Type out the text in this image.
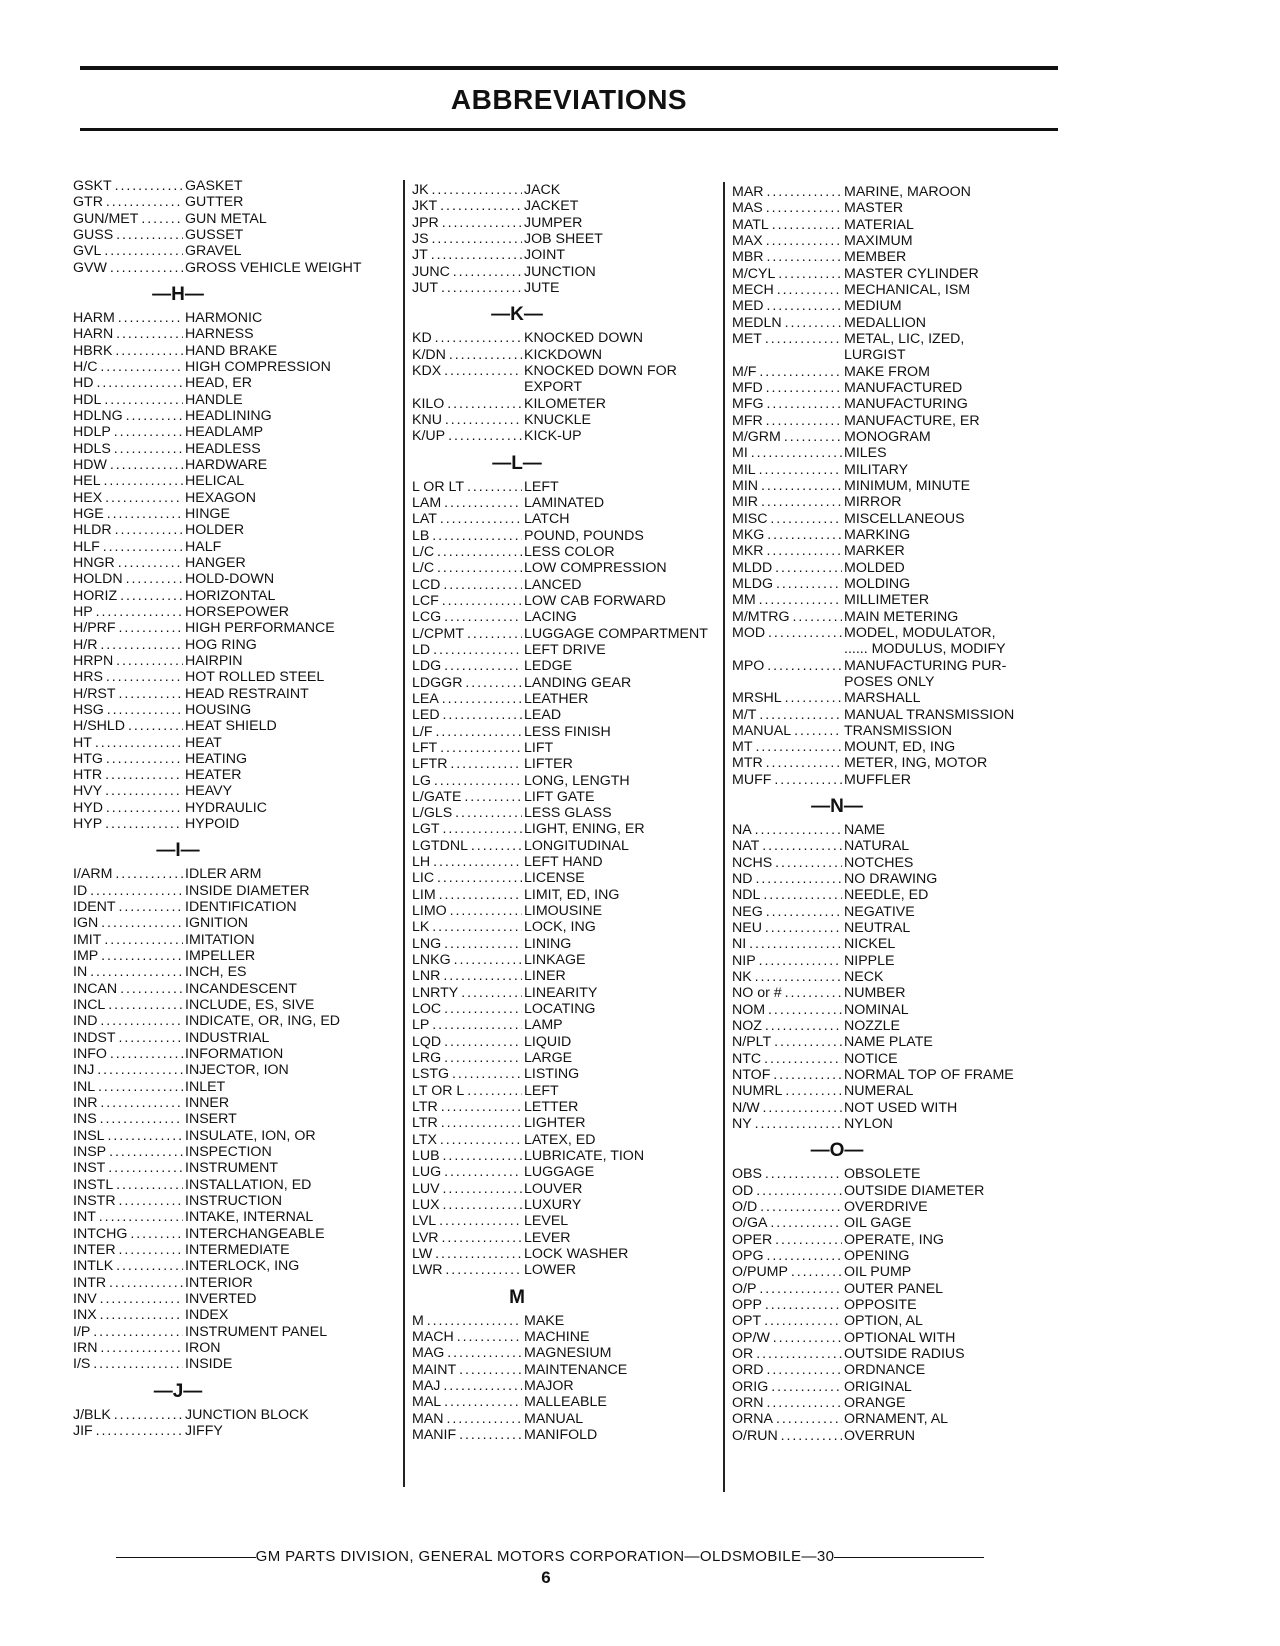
ABBREVIATIONS
GSKT . . .	GASKET
GTR . . .	GUTTER
GUN/MET . . .	GUN METAL
GUSS . . .	GUSSET
GVL . . .	GRAVEL
GVW . . .	GROSS VEHICLE WEIGHT
—H—
HARM . . .	HARMONIC
HARN . . .	HARNESS
HBRK . . .	HAND BRAKE
H/C . . .	HIGH COMPRESSION
HD . . .	HEAD, ER
HDL . . .	HANDLE
HDLNG . . .	HEADLINING
HDLP . . .	HEADLAMP
HDLS . . .	HEADLESS
HDW . . .	HARDWARE
HEL . . .	HELICAL
HEX . . .	HEXAGON
HGE . . .	HINGE
HLDR . . .	HOLDER
HLF . . .	HALF
HNGR . . .	HANGER
HOLDN . . .	HOLD-DOWN
HORIZ . . .	HORIZONTAL
HP . . .	HORSEPOWER
H/PRF . . .	HIGH PERFORMANCE
H/R . . .	HOG RING
HRPN . . .	HAIRPIN
HRS . . .	HOT ROLLED STEEL
H/RST . . .	HEAD RESTRAINT
HSG . . .	HOUSING
H/SHLD . . .	HEAT SHIELD
HT . . .	HEAT
HTG . . .	HEATING
HTR . . .	HEATER
HVY . . .	HEAVY
HYD . . .	HYDRAULIC
HYP . . .	HYPOID
—I—
I/ARM . . .	IDLER ARM
ID . . .	INSIDE DIAMETER
IDENT . . .	IDENTIFICATION
IGN . . .	IGNITION
IMIT . . .	IMITATION
IMP . . .	IMPELLER
IN . . .	INCH, ES
INCAN . . .	INCANDESCENT
INCL . . .	INCLUDE, ES, SIVE
IND . . .	INDICATE, OR, ING, ED
INDST . . .	INDUSTRIAL
INFO . . .	INFORMATION
INJ . . .	INJECTOR, ION
INL . . .	INLET
INR . . .	INNER
INS . . .	INSERT
INSL . . .	INSULATE, ION, OR
INSP . . .	INSPECTION
INST . . .	INSTRUMENT
INSTL . . .	INSTALLATION, ED
INSTR . . .	INSTRUCTION
INT . . .	INTAKE, INTERNAL
INTCHG . . .	INTERCHANGEABLE
INTER . . .	INTERMEDIATE
INTLK . . .	INTERLOCK, ING
INTR . . .	INTERIOR
INV . . .	INVERTED
INX . . .	INDEX
I/P . . .	INSTRUMENT PANEL
IRN . . .	IRON
I/S . . .	INSIDE
—J—
J/BLK . . .	JUNCTION BLOCK
JIF . . .	JIFFY
JK . . .	JACK
JKT . . .	JACKET
JPR . . .	JUMPER
JS . . .	JOB SHEET
JT . . .	JOINT
JUNC . . .	JUNCTION
JUT . . .	JUTE
—K—
KD . . .	KNOCKED DOWN
K/DN . . .	KICKDOWN
KDX . . .	KNOCKED DOWN FOR
EXPORT
KILO . . .	KILOMETER
KNU . . .	KNUCKLE
K/UP . . .	KICK-UP
—L—
L OR LT . . .	LEFT
LAM . . .	LAMINATED
LAT . . .	LATCH
LB . . .	POUND, POUNDS
L/C . . .	LESS COLOR
L/C . . .	LOW COMPRESSION
LCD . . .	LANCED
LCF . . .	LOW CAB FORWARD
LCG . . .	LACING
L/CPMT . . .	LUGGAGE COMPARTMENT
LD . . .	LEFT DRIVE
LDG . . .	LEDGE
LDGGR . . .	LANDING GEAR
LEA . . .	LEATHER
LED . . .	LEAD
L/F . . .	LESS FINISH
LFT . . .	LIFT
LFTR . . .	LIFTER
LG . . .	LONG, LENGTH
L/GATE . . .	LIFT GATE
L/GLS . . .	LESS GLASS
LGT . . .	LIGHT, ENING, ER
LGTDNL . . .	LONGITUDINAL
LH . . .	LEFT HAND
LIC . . .	LICENSE
LIM . . .	LIMIT, ED, ING
LIMO . . .	LIMOUSINE
LK . . .	LOCK, ING
LNG . . .	LINING
LNKG . . .	LINKAGE
LNR . . .	LINER
LNRTY . . .	LINEARITY
LOC . . .	LOCATING
LP . . .	LAMP
LQD . . .	LIQUID
LRG . . .	LARGE
LSTG . . .	LISTING
LT OR L . . .	LEFT
LTR . . .	LETTER
LTR . . .	LIGHTER
LTX . . .	LATEX, ED
LUB . . .	LUBRICATE, TION
LUG . . .	LUGGAGE
LUV . . .	LOUVER
LUX . . .	LUXURY
LVL . . .	LEVEL
LVR . . .	LEVER
LW . . .	LOCK WASHER
LWR . . .	LOWER
M
M . . .	MAKE
MACH . . .	MACHINE
MAG . . .	MAGNESIUM
MAINT . . .	MAINTENANCE
MAJ . . .	MAJOR
MAL . . .	MALLEABLE
MAN . . .	MANUAL
MANIF . . .	MANIFOLD
MAR . . .	MARINE, MAROON
MAS . . .	MASTER
MATL . . .	MATERIAL
MAX . . .	MAXIMUM
MBR . . .	MEMBER
M/CYL . . .	MASTER CYLINDER
MECH . . .	MECHANICAL, ISM
MED . . .	MEDIUM
MEDLN . . .	MEDALLION
MET . . .	METAL, LIC, IZED,
LURGIST
M/F . . .	MAKE FROM
MFD . . .	MANUFACTURED
MFG . . .	MANUFACTURING
MFR . . .	MANUFACTURE, ER
M/GRM . . .	MONOGRAM
MI . . .	MILES
MIL . . .	MILITARY
MIN . . .	MINIMUM, MINUTE
MIR . . .	MIRROR
MISC . . .	MISCELLANEOUS
MKG . . .	MARKING
MKR . . .	MARKER
MLDD . . .	MOLDED
MLDG . . .	MOLDING
MM . . .	MILLIMETER
M/MTRG . . .	MAIN METERING
MOD . . .	MODEL, MODULATOR,
...... MODULUS, MODIFY
MPO . . .	MANUFACTURING PUR-
POSES ONLY
MRSHL . . .	MARSHALL
M/T . . .	MANUAL TRANSMISSION
MANUAL . . .	TRANSMISSION
MT . . .	MOUNT, ED, ING
MTR . . .	METER, ING, MOTOR
MUFF . . .	MUFFLER
—N—
NA . . .	NAME
NAT . . .	NATURAL
NCHS . . .	NOTCHES
ND . . .	NO DRAWING
NDL . . .	NEEDLE, ED
NEG . . .	NEGATIVE
NEU . . .	NEUTRAL
NI . . .	NICKEL
NIP . . .	NIPPLE
NK . . .	NECK
NO or # . . .	NUMBER
NOM . . .	NOMINAL
NOZ . . .	NOZZLE
N/PLT . . .	NAME PLATE
NTC . . .	NOTICE
NTOF . . .	NORMAL TOP OF FRAME
NUMRL . . .	NUMERAL
N/W . . .	NOT USED WITH
NY . . .	NYLON
—O—
OBS . . .	OBSOLETE
OD . . .	OUTSIDE DIAMETER
O/D . . .	OVERDRIVE
O/GA . . .	OIL GAGE
OPER . . .	OPERATE, ING
OPG . . .	OPENING
O/PUMP . . .	OIL PUMP
O/P . . .	OUTER PANEL
OPP . . .	OPPOSITE
OPT . . .	OPTION, AL
OP/W . . .	OPTIONAL WITH
OR . . .	OUTSIDE RADIUS
ORD . . .	ORDNANCE
ORIG . . .	ORIGINAL
ORN . . .	ORANGE
ORNA . . .	ORNAMENT, AL
O/RUN . . .	OVERRUN
GM PARTS DIVISION, GENERAL MOTORS CORPORATION—OLDSMOBILE—30
6
